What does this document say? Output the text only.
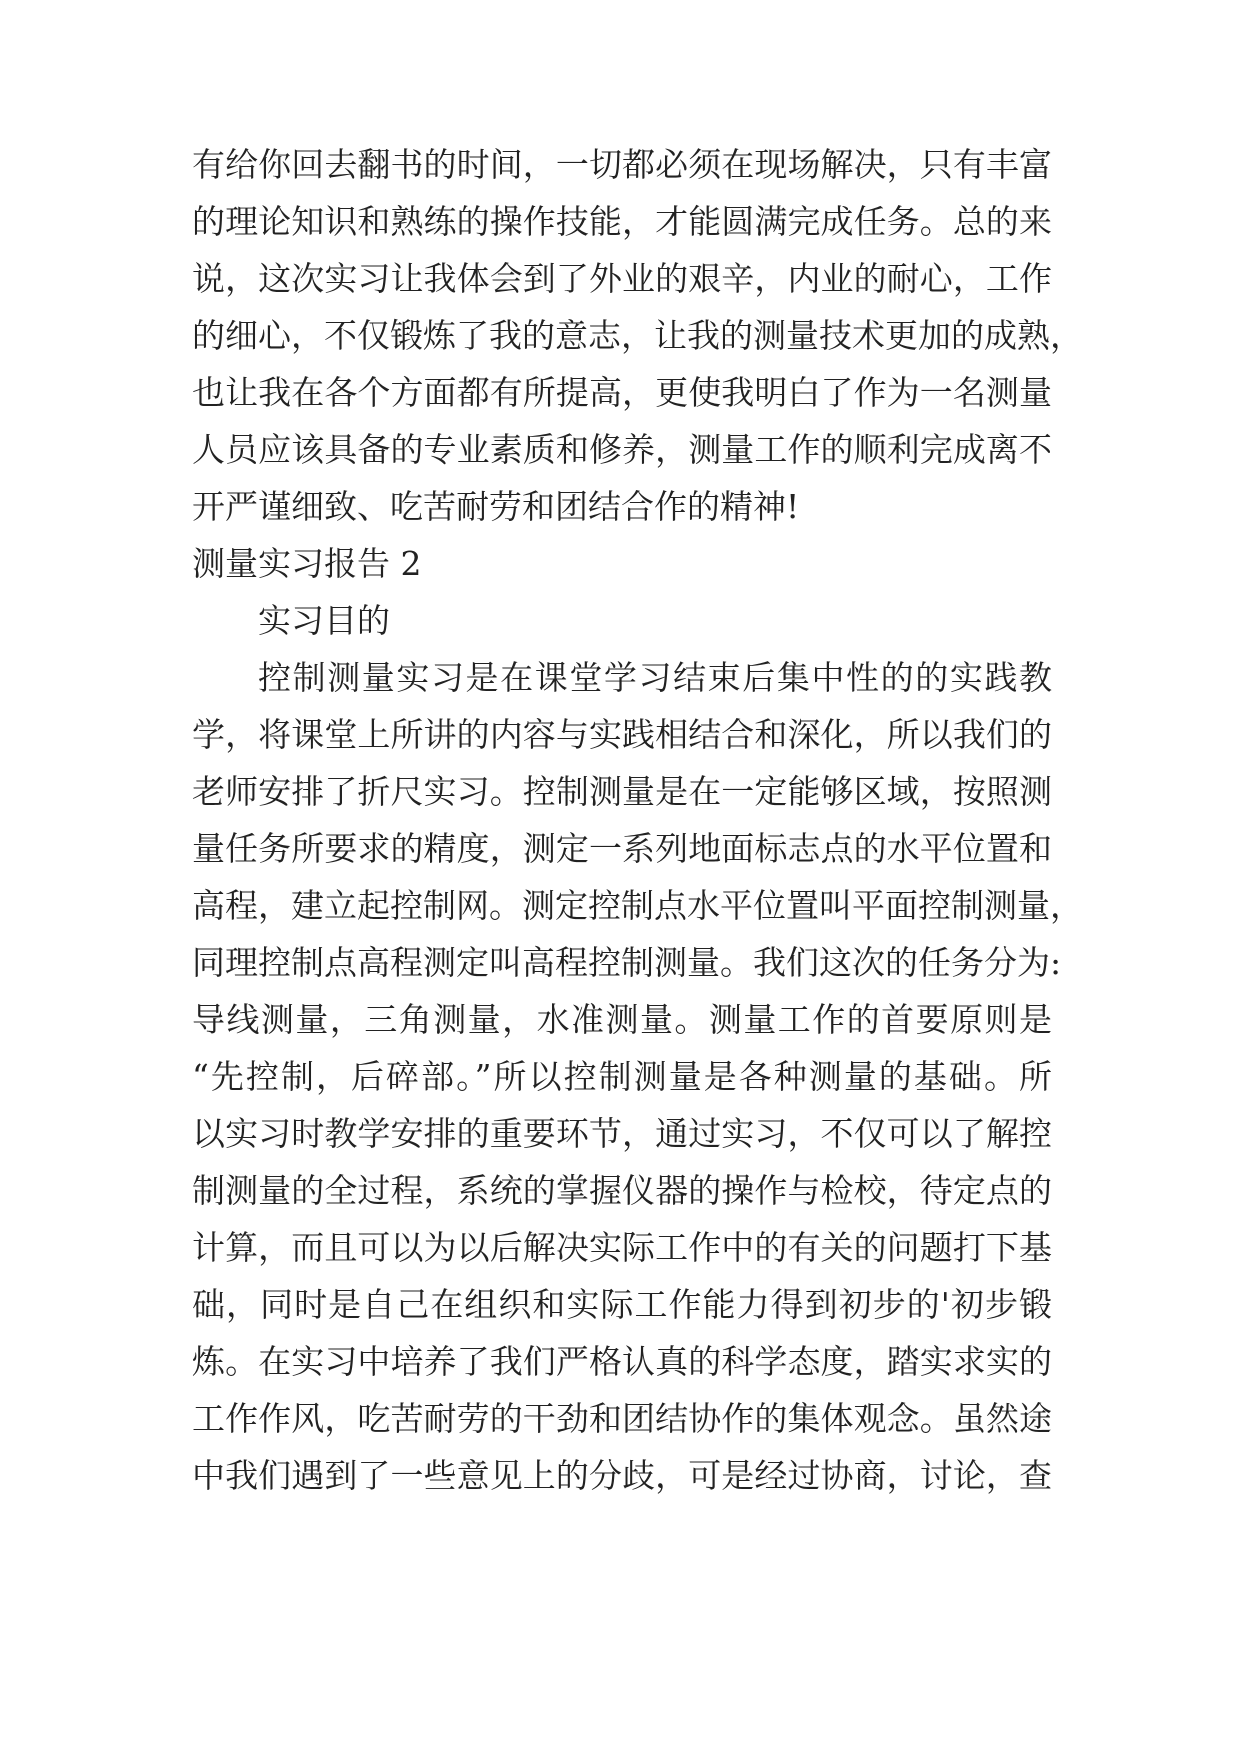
有给你回去翻书的时间，一切都必须在现场解决，只有丰富
的理论知识和熟练的操作技能，才能圆满完成任务。总的来
说，这次实习让我体会到了外业的艰辛，内业的耐心，工作
的细心，不仅锻炼了我的意志，让我的测量技术更加的成熟，
也让我在各个方面都有所提高，更使我明白了作为一名测量
人员应该具备的专业素质和修养，测量工作的顺利完成离不
开严谨细致、吃苦耐劳和团结合作的精神!
测量实习报告 2
实习目的
控制测量实习是在课堂学习结束后集中性的的实践教
学，将课堂上所讲的内容与实践相结合和深化，所以我们的
老师安排了折尺实习。控制测量是在一定能够区域，按照测
量任务所要求的精度，测定一系列地面标志点的水平位置和
高程，建立起控制网。测定控制点水平位置叫平面控制测量，
同理控制点高程测定叫高程控制测量。我们这次的任务分为:
导线测量，三角测量，水准测量。测量工作的首要原则是
“先控制，后碎部。”所以控制测量是各种测量的基础。所
以实习时教学安排的重要环节，通过实习，不仅可以了解控
制测量的全过程，系统的掌握仪器的操作与检校，待定点的
计算，而且可以为以后解决实际工作中的有关的问题打下基
础，同时是自己在组织和实际工作能力得到初步的'初步锻
炼。在实习中培养了我们严格认真的科学态度，踏实求实的
工作作风，吃苦耐劳的干劲和团结协作的集体观念。虽然途
中我们遇到了一些意见上的分歧，可是经过协商，讨论，查
